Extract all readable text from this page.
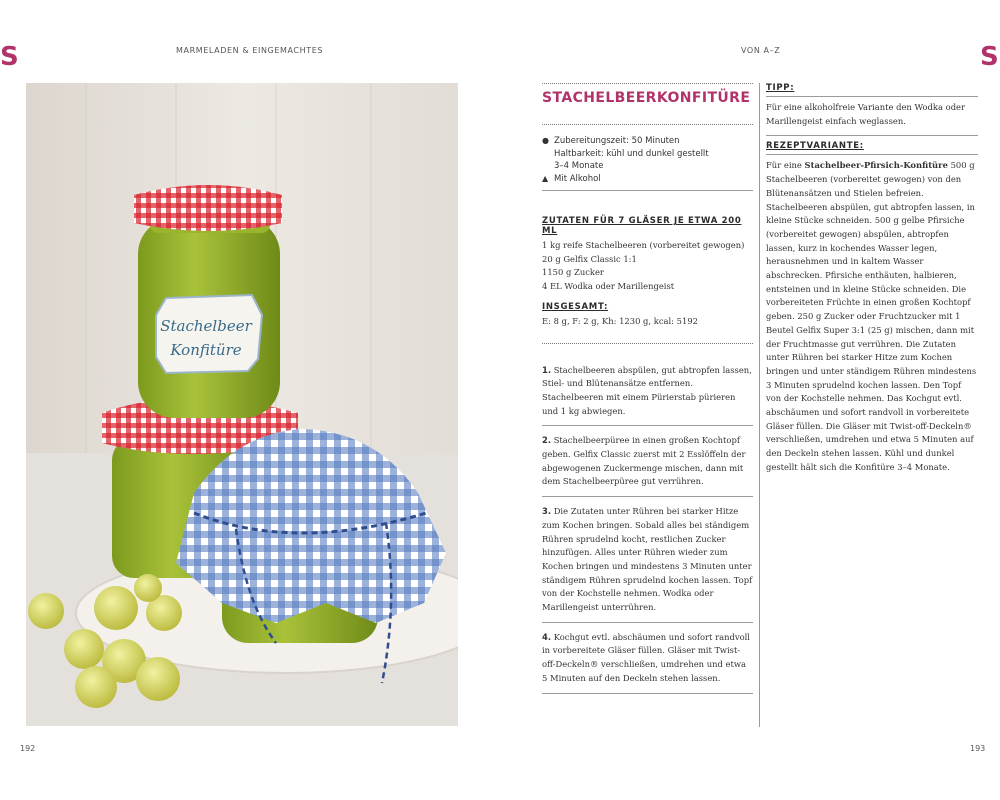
S	S
MARMELADEN & EINGEMACHTES	VON A–Z
192	193
Stachelbeer
Konfitüre
STACHELBEERKONFITÜRE
● Zubereitungszeit: 50 Minuten
Haltbarkeit: kühl und dunkel gestellt
3–4 Monate
▲ Mit Alkohol
ZUTATEN FÜR 7 GLÄSER JE ETWA 200 ML
1 kg reife Stachelbeeren (vorbereitet gewogen)
20 g Gelfix Classic 1:1
1150 g Zucker
4 EL Wodka oder Marillengeist
INSGESAMT:
E: 8 g, F: 2 g, Kh: 1230 g, kcal: 5192
1. Stachelbeeren abspülen, gut abtropfen lassen, Stiel- und Blütenansätze entfernen. Stachelbeeren mit einem Pürierstab pürieren und 1 kg abwiegen.
2. Stachelbeerpüree in einen großen Kochtopf geben. Gelfix Classic zuerst mit 2 Esslöffeln der abgewogenen Zuckermenge mischen, dann mit dem Stachelbeerpüree gut verrühren.
3. Die Zutaten unter Rühren bei starker Hitze zum Kochen bringen. Sobald alles bei ständigem Rühren sprudelnd kocht, restlichen Zucker hinzufügen. Alles unter Rühren wieder zum Kochen bringen und mindestens 3 Minuten unter ständigem Rühren sprudelnd kochen lassen. Topf von der Kochstelle nehmen. Wodka oder Marillengeist unterrühren.
4. Kochgut evtl. abschäumen und sofort randvoll in vorbereitete Gläser füllen. Gläser mit Twist-off-Deckeln® verschließen, umdrehen und etwa 5 Minuten auf den Deckeln stehen lassen.
TIPP:
Für eine alkoholfreie Variante den Wodka oder Marillengeist einfach weglassen.
REZEPTVARIANTE:
Für eine Stachelbeer-Pfirsich-Konfitüre 500 g Stachelbeeren (vorbereitet gewogen) von den Blütenansätzen und Stielen befreien. Stachelbeeren abspülen, gut abtropfen lassen, in kleine Stücke schneiden. 500 g gelbe Pfirsiche (vorbereitet gewogen) abspülen, abtropfen lassen, kurz in kochendes Wasser legen, herausnehmen und in kaltem Wasser abschrecken. Pfirsiche enthäuten, halbieren, entsteinen und in kleine Stücke schneiden. Die vorbereiteten Früchte in einen großen Kochtopf geben. 250 g Zucker oder Fruchtzucker mit 1 Beutel Gelfix Super 3:1 (25 g) mischen, dann mit der Fruchtmasse gut verrühren. Die Zutaten unter Rühren bei starker Hitze zum Kochen bringen und unter ständigem Rühren mindestens 3 Minuten sprudelnd kochen lassen. Den Topf von der Kochstelle nehmen. Das Kochgut evtl. abschäumen und sofort randvoll in vorbereitete Gläser füllen. Die Gläser mit Twist-off-Deckeln® verschließen, umdrehen und etwa 5 Minuten auf den Deckeln stehen lassen. Kühl und dunkel gestellt hält sich die Konfitüre 3–4 Monate.
